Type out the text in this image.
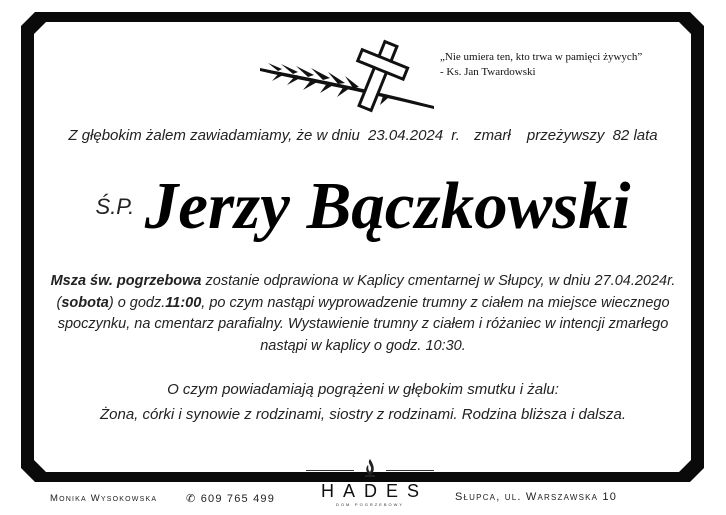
„Nie umiera ten, kto trwa w pamięci żywych”
- Ks. Jan Twardowski
Z głębokim żalem zawiadamiamy, że w dniu 23.04.2024 r. zmarł przeżywszy 82 lata
Ś.P. Jerzy Bączkowski
Msza św. pogrzebowa zostanie odprawiona w Kaplicy cmentarnej w Słupcy, w dniu 27.04.2024r. (sobota) o godz.11:00, po czym nastąpi wyprowadzenie trumny z ciałem na miejsce wiecznego spoczynku, na cmentarz parafialny. Wystawienie trumny z ciałem i różaniec w intencji zmarłego nastąpi w kaplicy o godz. 10:30.
O czym powiadamiają pogrążeni w głębokim smutku i żalu:
Żona, córki i synowie z rodzinami, siostry z rodzinami. Rodzina bliższa i dalsza.
Monika Wysokowska	✆ 609 765 499	Słupca, ul. Warszawska 10
HADES
dom pogrzebowy
